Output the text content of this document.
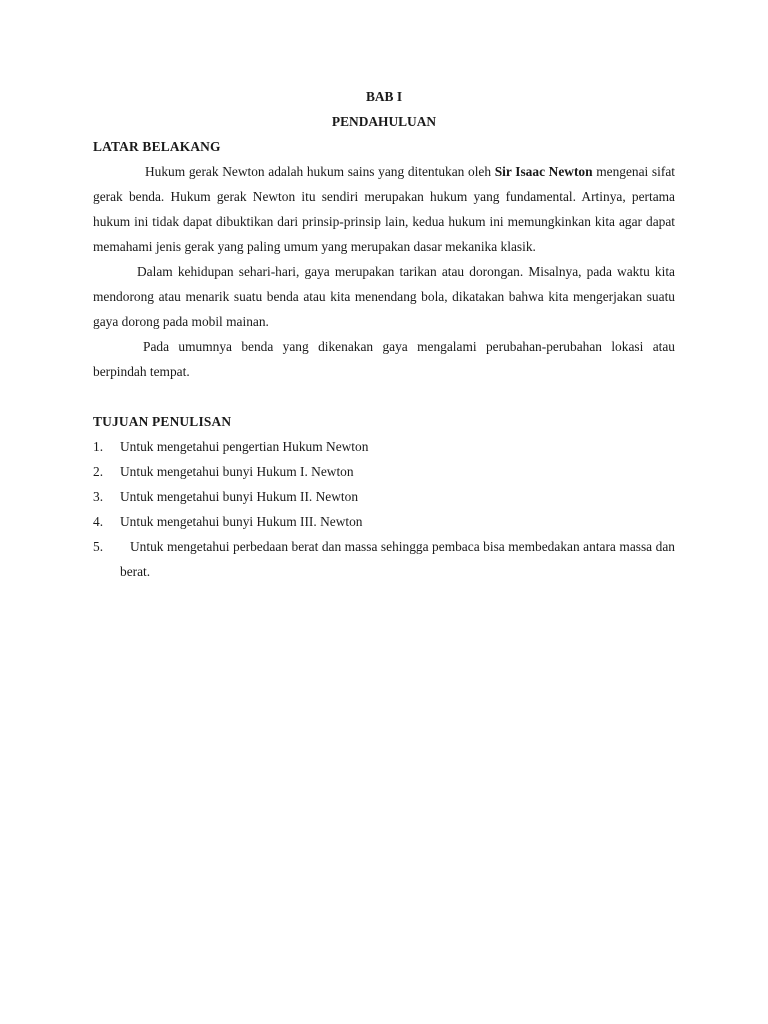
BAB I

PENDAHULUAN

LATAR BELAKANG

Hukum gerak Newton adalah hukum sains yang ditentukan oleh Sir Isaac Newton mengenai sifat gerak benda. Hukum gerak Newton itu sendiri merupakan hukum yang fundamental. Artinya, pertama hukum ini tidak dapat dibuktikan dari prinsip-prinsip lain, kedua hukum ini memungkinkan kita agar dapat memahami jenis gerak yang paling umum yang merupakan dasar mekanika klasik.

Dalam kehidupan sehari-hari, gaya merupakan tarikan atau dorongan. Misalnya, pada waktu kita mendorong atau menarik suatu benda atau kita menendang bola, dikatakan bahwa kita mengerjakan suatu gaya dorong pada mobil mainan.

Pada umumnya benda yang dikenakan gaya mengalami perubahan-perubahan lokasi atau berpindah tempat.

TUJUAN PENULISAN

1. Untuk mengetahui pengertian Hukum Newton
2. Untuk mengetahui bunyi Hukum I. Newton
3. Untuk mengetahui bunyi Hukum II. Newton
4. Untuk mengetahui bunyi Hukum III. Newton
5.	Untuk mengetahui perbedaan berat dan massa sehingga pembaca bisa membedakan antara massa dan berat.
